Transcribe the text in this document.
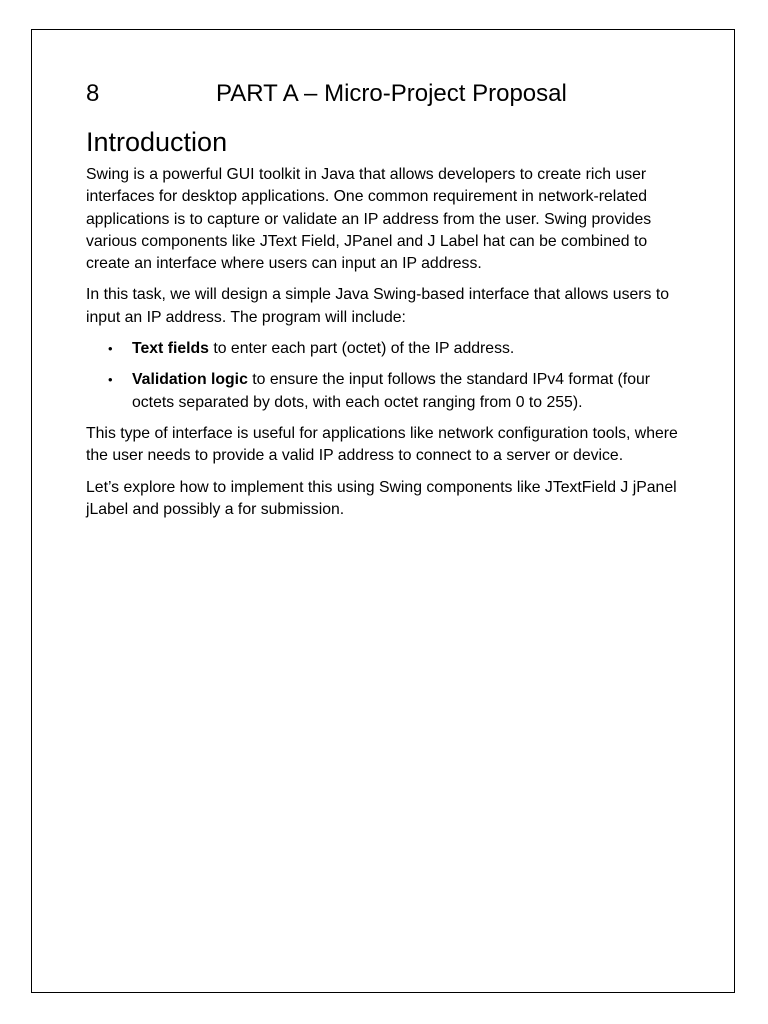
8	PART A – Micro-Project Proposal
Introduction

Swing is a powerful GUI toolkit in Java that allows developers to create rich user interfaces for desktop applications. One common requirement in network-related applications is to capture or validate an IP address from the user. Swing provides various components like JText Field, JPanel and J Label hat can be combined to create an interface where users can input an IP address.

In this task, we will design a simple Java Swing-based interface that allows users to input an IP address. The program will include:

• Text fields to enter each part (octet) of the IP address.
• Validation logic to ensure the input follows the standard IPv4 format (four octets separated by dots, with each octet ranging from 0 to 255).

This type of interface is useful for applications like network configuration tools, where the user needs to provide a valid IP address to connect to a server or device.

Let’s explore how to implement this using Swing components like JTextField J jPanel jLabel and possibly a for submission.
